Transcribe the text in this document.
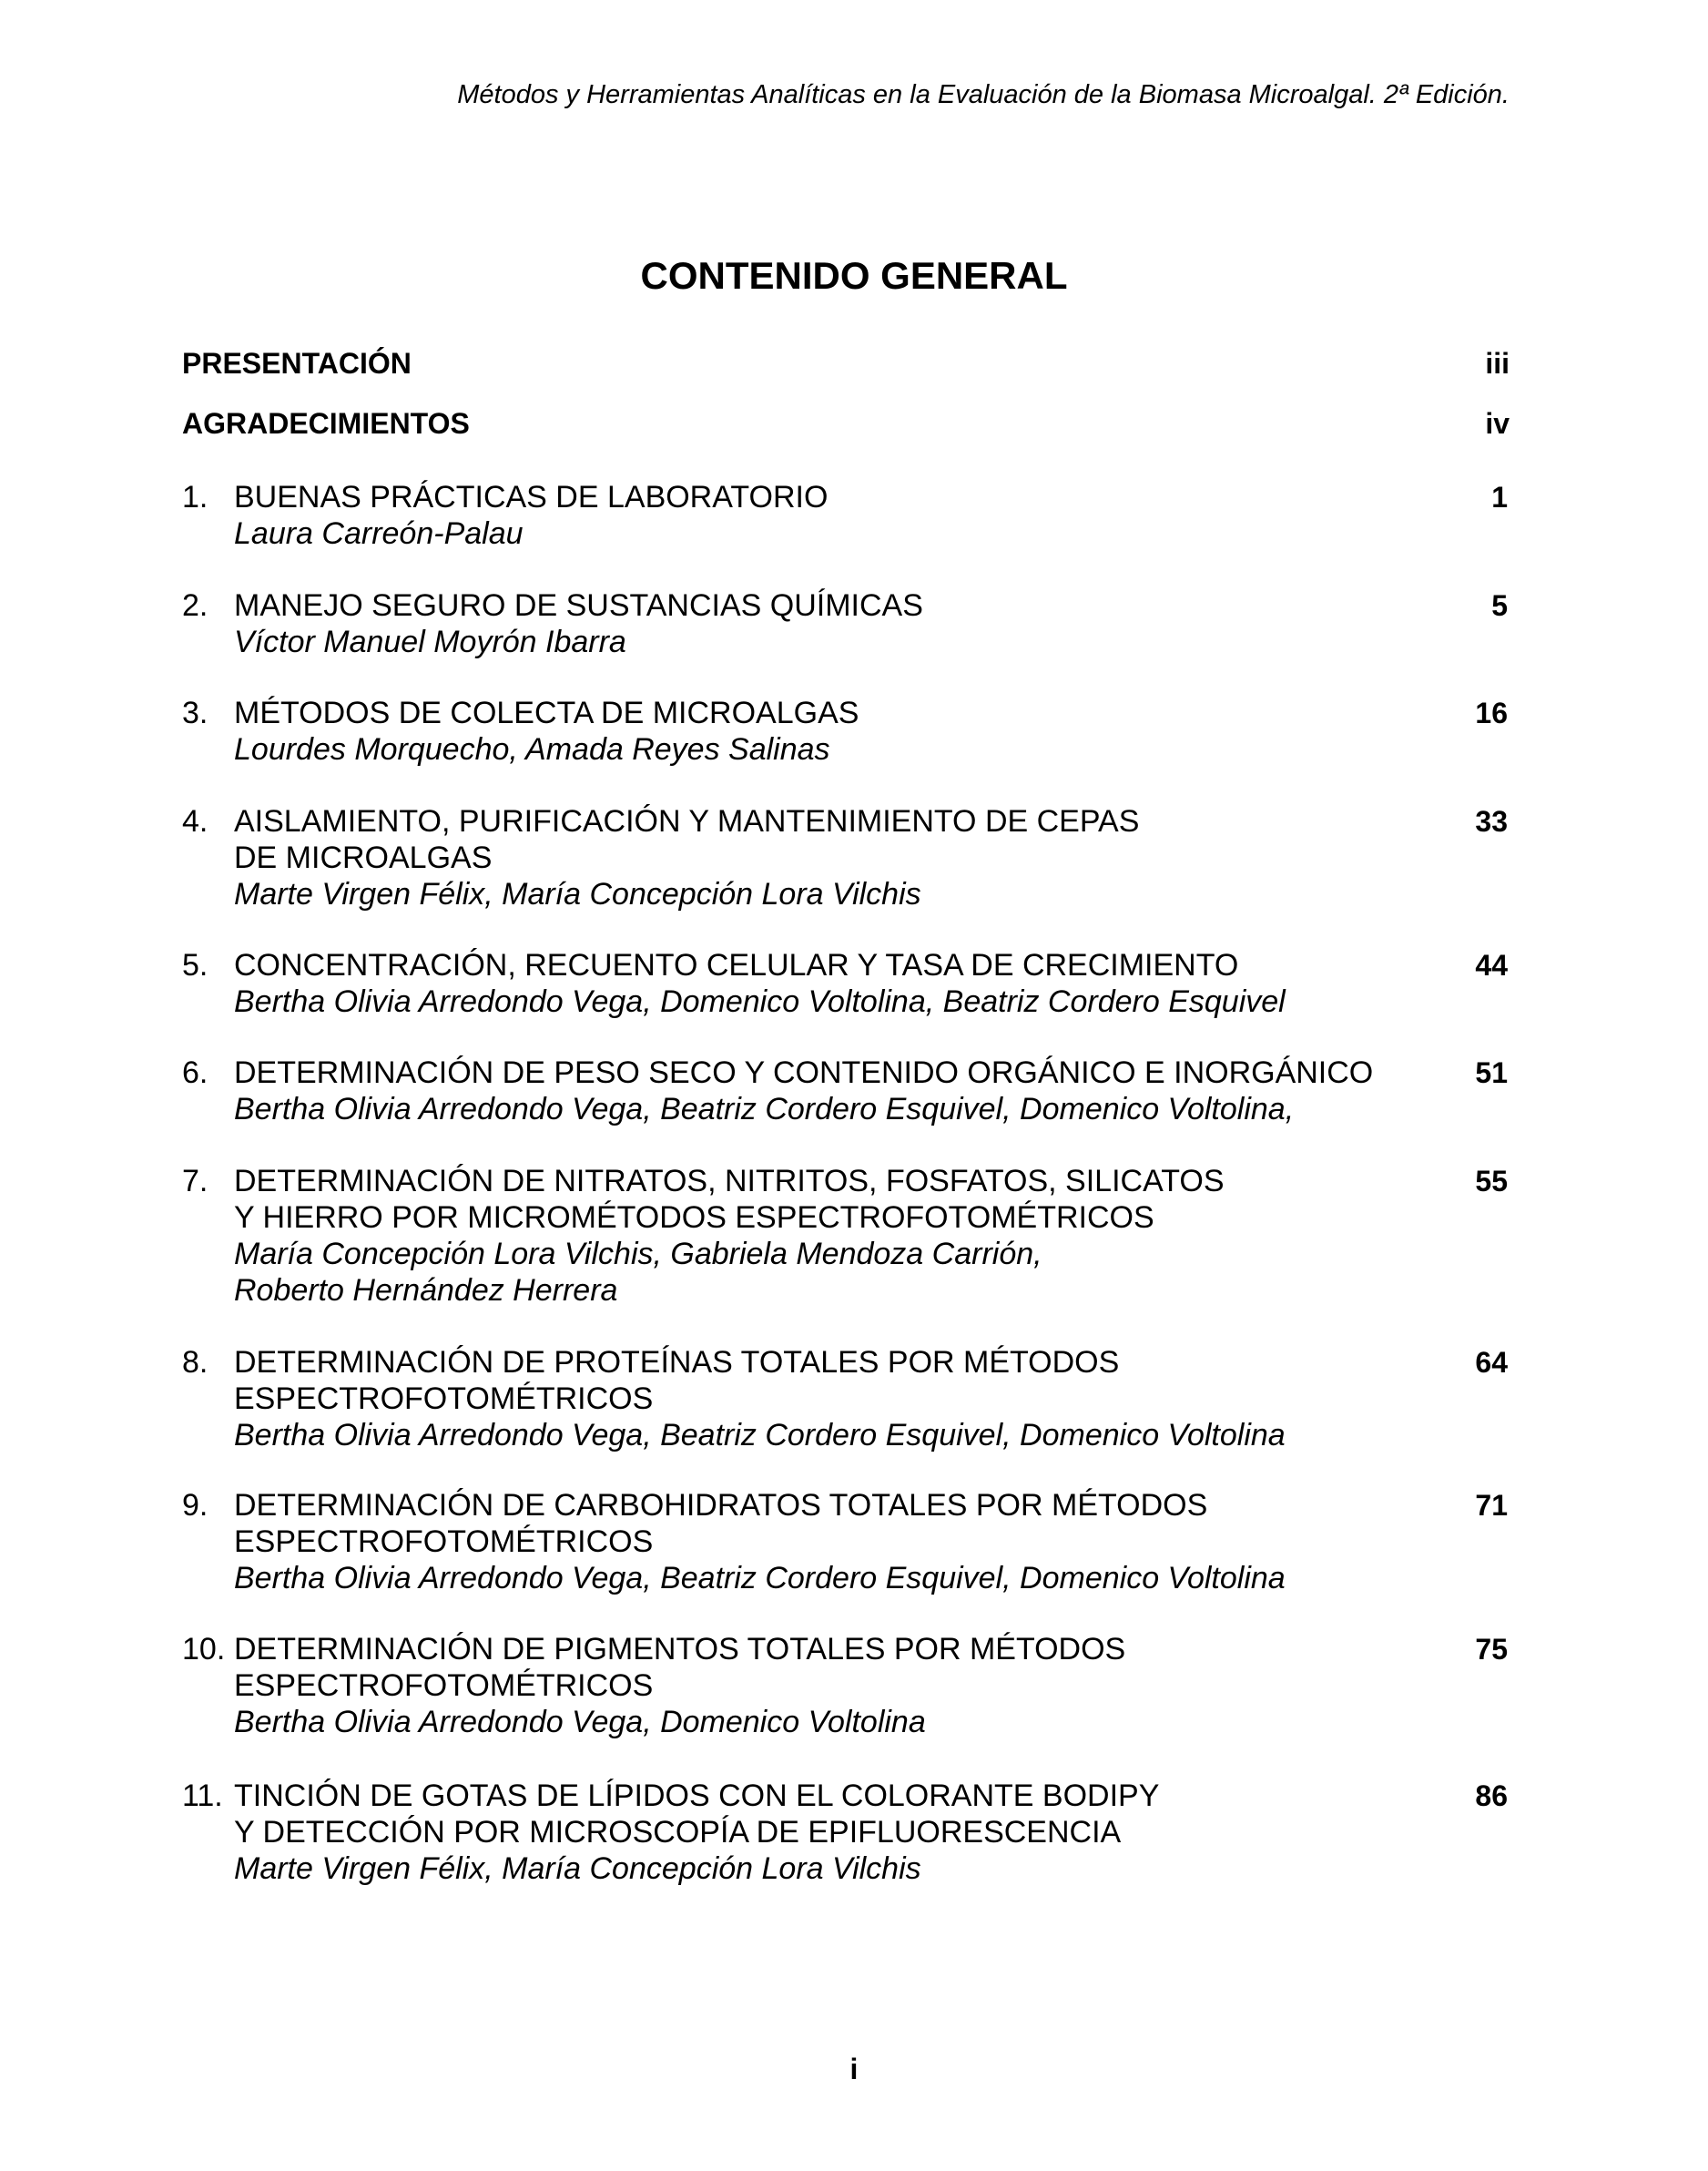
Métodos y Herramientas Analíticas en la Evaluación de la Biomasa Microalgal. 2ª Edición.
CONTENIDO GENERAL
PRESENTACIÓN	iii
AGRADECIMIENTOS	iv
1. BUENAS PRÁCTICAS DE LABORATORIO
Laura Carreón-Palau
1
2. MANEJO SEGURO DE SUSTANCIAS QUÍMICAS
Víctor Manuel Moyrón Ibarra
5
3. MÉTODOS DE COLECTA DE MICROALGAS
Lourdes Morquecho, Amada Reyes Salinas
16
4. AISLAMIENTO, PURIFICACIÓN Y MANTENIMIENTO DE CEPAS
DE MICROALGAS
Marte Virgen Félix, María Concepción Lora Vilchis
33
5. CONCENTRACIÓN, RECUENTO CELULAR Y TASA DE CRECIMIENTO
Bertha Olivia Arredondo Vega, Domenico Voltolina, Beatriz Cordero Esquivel
44
6. DETERMINACIÓN DE PESO SECO Y CONTENIDO ORGÁNICO E INORGÁNICO
Bertha Olivia Arredondo Vega, Beatriz Cordero Esquivel, Domenico Voltolina,
51
7. DETERMINACIÓN DE NITRATOS, NITRITOS, FOSFATOS, SILICATOS
Y HIERRO POR MICROMÉTODOS ESPECTROFOTOMÉTRICOS
María Concepción Lora Vilchis, Gabriela Mendoza Carrión,
Roberto Hernández Herrera
55
8. DETERMINACIÓN DE PROTEÍNAS TOTALES POR MÉTODOS
ESPECTROFOTOMÉTRICOS
Bertha Olivia Arredondo Vega, Beatriz Cordero Esquivel, Domenico Voltolina
64
9. DETERMINACIÓN DE CARBOHIDRATOS TOTALES POR MÉTODOS
ESPECTROFOTOMÉTRICOS
Bertha Olivia Arredondo Vega, Beatriz Cordero Esquivel, Domenico Voltolina
71
10. DETERMINACIÓN DE PIGMENTOS TOTALES POR MÉTODOS
ESPECTROFOTOMÉTRICOS
Bertha Olivia Arredondo Vega, Domenico Voltolina
75
11. TINCIÓN DE GOTAS DE LÍPIDOS CON EL COLORANTE BODIPY
Y DETECCIÓN POR MICROSCOPÍA DE EPIFLUORESCENCIA
Marte Virgen Félix, María Concepción Lora Vilchis
86
i
